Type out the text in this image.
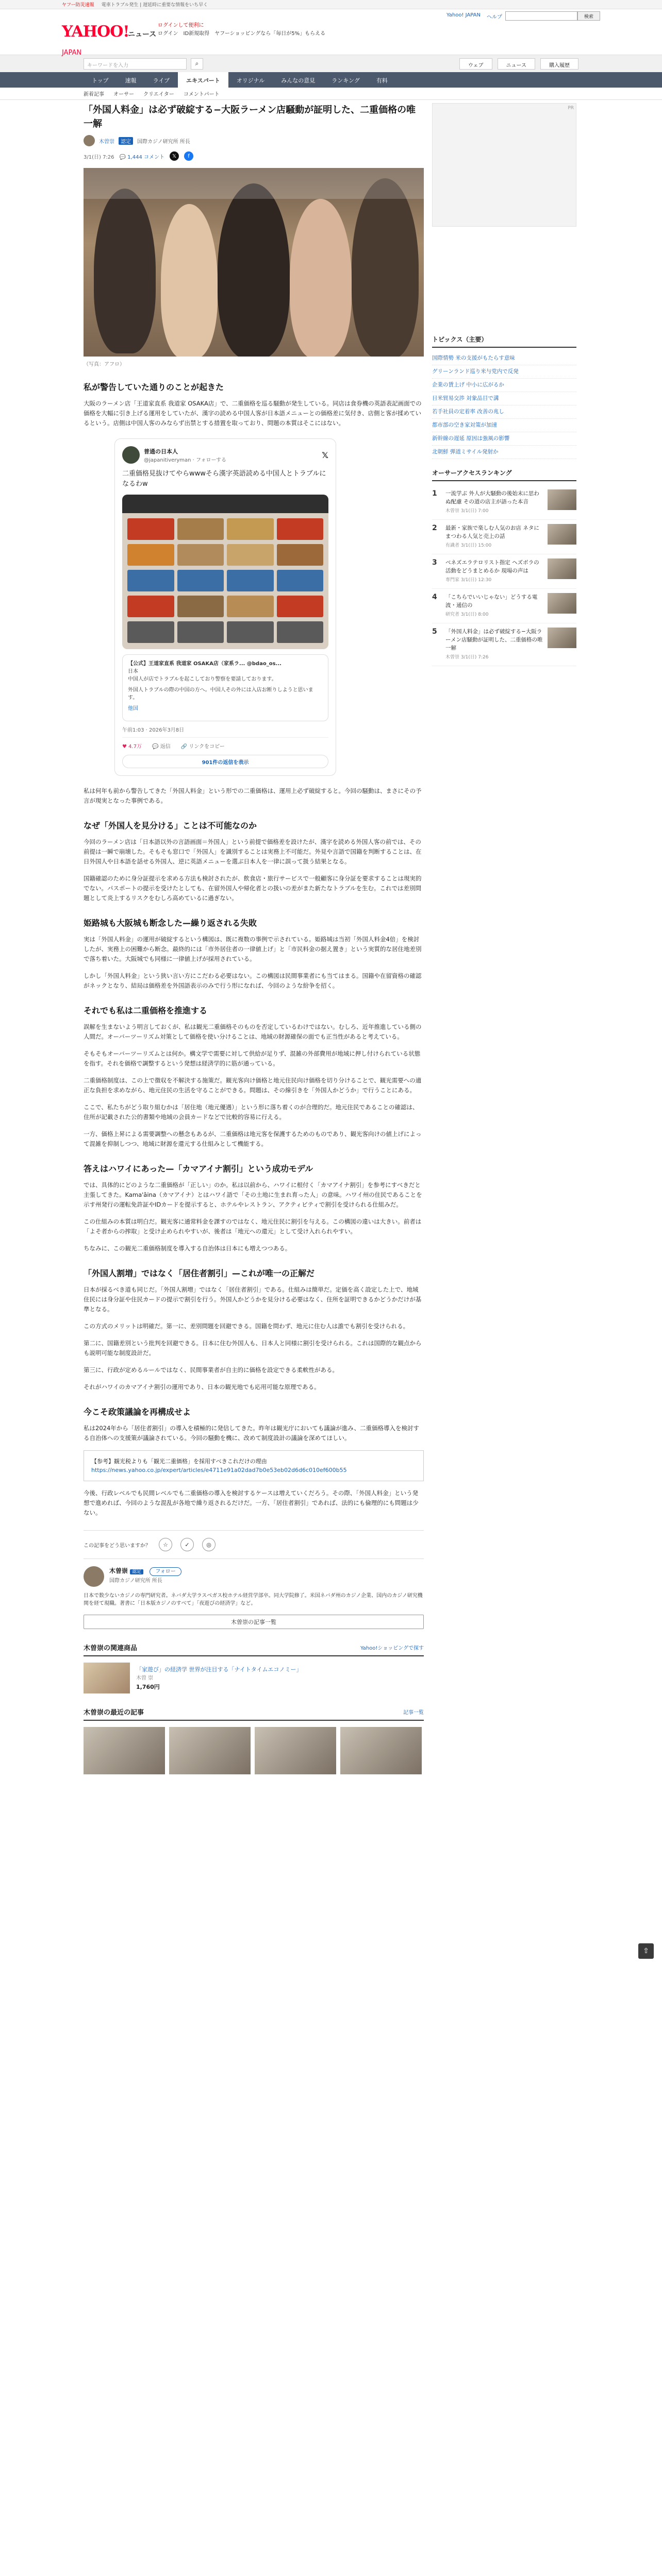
ヤフー防災速報 電車トラブル発生 | 遅延時に重要な情報をいち早く
YAHOO!
JAPAN
ニュース
ログインして便利に
ログイン　ID新規取得　ヤフーショッピングなら「毎日が5%」もらえる
Yahoo! JAPAN ヘルプ	検索
キーワードを入力	⌕	ウェブ	ニュース	購入履歴
トップ	速報	ライブ	エキスパート	オリジナル	みんなの意見	ランキング	有料
新着記事 オーサー クリエイター コメントパート
「外国人料金」は必ず破綻する−大阪ラーメン店騒動が証明した、二重価格の唯一解
木曽崇	認定	国際カジノ研究所 所長
3/1(日) 7:26 💬 1,444 コメント	𝕏	f
（写真：アフロ）
私が警告していた通りのことが起きた

大阪のラーメン店「王道家直系 我道家 OSAKA店」で、二重価格を巡る騒動が発生している。同店は食券機の英語表記画面での価格を大幅に引き上げる運用をしていたが、漢字の読める中国人客が日本語メニューとの価格差に気付き、店側と客が揉めているという。店側は中国人客のみならず出禁とする措置を取っており、問題の本質はそこにはない。

普通の日本人
@japanitiveryman · フォローする
𝕏
二重価格見抜けてやらwwwそら漢字英語読める中国人とトラブルになるわw
【公式】王道家直系 我道家 OSAKA店（家系ラ... @bdao_os...
日本
中国人が店でトラブルを起こしており警察を要請しております。
外国人トラブルの際の中国の方へ。中国人その外には入店お断りしようと思います。
他国
午前1:03 · 2026年3月8日
♥ 4.7万 💬 返信 🔗 リンクをコピー
901件の返信を表示

私は何年も前から警告してきた「外国人料金」という形での二重価格は、運用上必ず破綻すると。今回の騒動は、まさにその予言が現実となった事例である。

なぜ「外国人を見分ける」ことは不可能なのか

今回のラーメン店は「日本語以外の言語画面＝外国人」という前提で価格差を設けたが、漢字を読める外国人客の前では、その前提は一瞬で崩壊した。そもそも窓口で「外国人」を識別することは実務上不可能だ。外見や言語で国籍を判断することは、在日外国人や日本語を話せる外国人、逆に英語メニューを選ぶ日本人を一律に誤って扱う結果となる。

国籍確認のために身分証提示を求める方法も検討されたが、飲食店・旅行サービスで一般顧客に身分証を要求することは現実的でない。パスポートの提示を受けたとしても、在留外国人や帰化者との扱いの差がまた新たなトラブルを生む。これでは差別問題として炎上するリスクをむしろ高めているに過ぎない。

姫路城も大阪城も断念した—繰り返される失敗

実は「外国人料金」の運用が破綻するという構図は、既に複数の事例で示されている。姫路城は当初「外国人料金4倍」を検討したが、実務上の困難から断念。最終的には「市外居住者の一律値上げ」と「市民料金の据え置き」という実質的な居住地差別で落ち着いた。大阪城でも同様に一律値上げが採用されている。

しかし「外国人料金」という狭い言い方にこだわる必要はない。この構図は民間事業者にも当てはまる。国籍や在留資格の確認がネックとなり、結局は価格差を外国語表示のみで行う形になれば、今回のような紛争を招く。

それでも私は二重価格を推進する

誤解を生まないよう明言しておくが、私は観光二重価格そのものを否定しているわけではない。むしろ、近年推進している側の人間だ。オーバーツーリズム対策として価格を使い分けることは、地域の財源確保の面でも正当性があると考えている。

そもそもオーバーツーリズムとは何か。構文学で需要に対して供給が足りず、混雑の外部費用が地域に押し付けられている状態を指す。それを価格で調整するという発想は経済学的に筋が通っている。

二重価格制度は、この上で徴収を不解決する施策だ。観光客向け価格と地元住民向け価格を切り分けることで、観光需要への適正な負担を求めながら、地元住民の生活を守ることができる。問題は、その線引きを「外国人かどうか」で行うことにある。

ここで、私たちがどう取り組むかは「居住地（地元優遇）」という形に落ち着くのが合理的だ。地元住民であることの確認は、住所が記載された公的書類や地域の会員カードなどで比較的容易に行える。

一方、価格上昇による需要調整への懸念もあるが、二重価格は地元客を保護するためのものであり、観光客向けの値上げによって混雑を抑制しつつ、地域に財源を還元する仕組みとして機能する。

答えはハワイにあった—「カマアイナ割引」という成功モデル

では、具体的にどのような二重価格が「正しい」のか。私は以前から、ハワイに根付く「カマアイナ割引」を参考にすべきだと主張してきた。Kama'āina（カマアイナ）とはハワイ語で「その土地に生まれ育った人」の意味。ハワイ州の住民であることを示す州発行の運転免許証やIDカードを提示すると、ホテルやレストラン、アクティビティで割引を受けられる仕組みだ。

この仕組みの本質は明白だ。観光客に通常料金を課すのではなく、地元住民に割引を与える。この構図の違いは大きい。前者は「よそ者からの搾取」と受け止められやすいが、後者は「地元への還元」として受け入れられやすい。

ちなみに、この観光二重価格制度を導入する自治体は日本にも増えつつある。

「外国人割増」ではなく「居住者割引」—これが唯一の正解だ

日本が採るべき道も同じだ。「外国人割増」ではなく「居住者割引」である。仕組みは簡単だ。定価を高く設定した上で、地域住民には身分証や住民カードの提示で割引を行う。外国人かどうかを見分ける必要はなく、住所を証明できるかどうかだけが基準となる。

この方式のメリットは明確だ。第一に、差別問題を回避できる。国籍を問わず、地元に住む人は誰でも割引を受けられる。

第二に、国籍差別という批判を回避できる。日本に住む外国人も、日本人と同様に割引を受けられる。これは国際的な観点からも説明可能な制度設計だ。

第三に、行政が定めるルールではなく、民間事業者が自主的に価格を設定できる柔軟性がある。

それがハワイのカマアイナ割引の運用であり、日本の観光地でも応用可能な原理である。

今こそ政策議論を再構成せよ

私は2024年から「居住者割引」の導入を積極的に発信してきた。昨年は観光庁においても議論が進み、二重価格導入を検討する自治体への支援策が議論されている。今回の騒動を機に、改めて制度設計の議論を深めてほしい。

【参考】観光税よりも「観光二重価格」を採用すべきこれだけの理由
https://news.yahoo.co.jp/expert/articles/e4711e91a02dad7b0e53eb02d6d6c010ef600b55

今後、行政レベルでも民間レベルでも二重価格の導入を検討するケースは増えていくだろう。その際、「外国人料金」という発想で進めれば、今回のような混乱が各地で繰り返されるだけだ。一方、「居住者割引」であれば、法的にも倫理的にも問題は少ない。

この記事をどう思いますか？	☆	✓	◎
木曽崇 認定	フォロー
国際カジノ研究所 所長
日本で数少ないカジノの専門研究者。ネバダ大学ラスベガス校ホテル経営学部卒。同大学院修了。米国ネバダ州のカジノ企業、国内のカジノ研究機関を経て現職。著書に「日本版カジノのすべて」「夜遊びの経済学」など。
木曽崇の記事一覧
木曽崇の関連商品	Yahoo!ショッピングで探す
「家遊び」の経済学 世界が注目する「ナイトタイムエコノミー」
木曽 崇
1,760円
木曽崇の最近の記事	記事一覧
PR
トピックス（主要）
国際情勢 米の支援がもたらす意味
グリーンランド巡り米与党内で反発
企業の賃上げ 中小に広がるか
日米貿易交渉 対象品目で溝
若手社員の定着率 改善の兆し
都市部の空き家対策が加速
新幹線の遅延 原因は強風の影響
北朝鮮 弾道ミサイル発射か
オーサーアクセスランキング
1	一流学ぶ 外人が大騒動の後始末に思わぬ配慮 その道の店主が語った本音
木曽崇 3/1(日) 7:00
2	最新・家族で楽しむ人気のお店 ネタにまつわる人気と売上の話
有識者 3/1(日) 15:00
3	ベネズエラテロリスト指定 ヘズボラの活動をどうまとめるか 現場の声は
専門家 3/1(日) 12:30
4	「こちらでいいじゃない」どうする電波・通信の
研究者 3/1(日) 8:00
5	「外国人料金」は必ず破綻する−大阪ラーメン店騒動が証明した、二重価格の唯一解
木曽崇 3/1(日) 7:26
⇧
